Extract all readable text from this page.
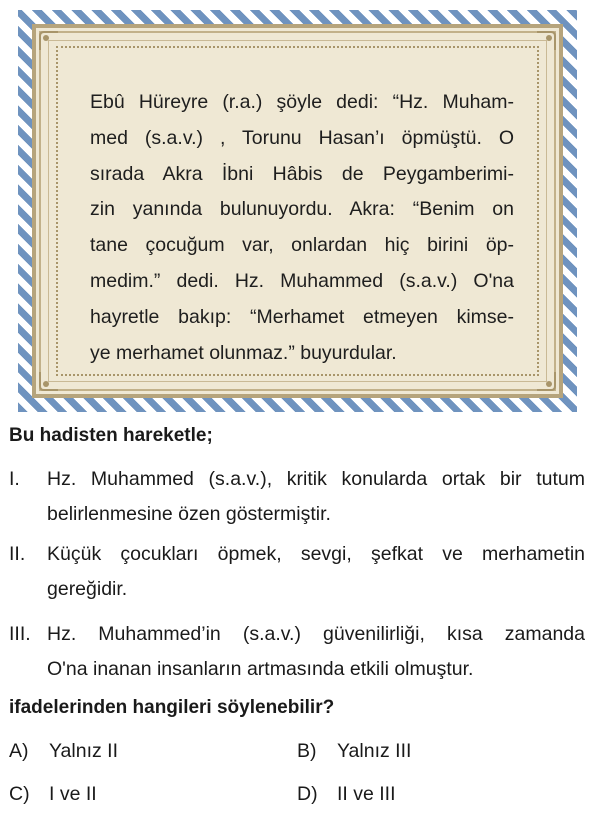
Ebû Hüreyre (r.a.) şöyle dedi: “Hz. Muham-
med (s.a.v.) , Torunu Hasan’ı öpmüştü. O
sırada Akra İbni Hâbis de Peygamberimi-
zin yanında bulunuyordu. Akra: “Benim on
tane çocuğum var, onlardan hiç birini öp-
medim.” dedi. Hz. Muhammed (s.a.v.) O'na
hayretle bakıp: “Merhamet etmeyen kimse-
ye merhamet olunmaz.” buyurdular.

Bu hadisten hareketle;

I. Hz. Muhammed (s.a.v.), kritik konularda ortak bir tutum
belirlenmesine özen göstermiştir.
II. Küçük çocukları öpmek, sevgi, şefkat ve merhametin
gereğidir.
III. Hz. Muhammed’in (s.a.v.) güvenilirliği, kısa zamanda
O'na inanan insanların artmasında etkili olmuştur.

ifadelerinden hangileri söylenebilir?

A) Yalnız II	B) Yalnız III
C) I ve II	D) II ve III
